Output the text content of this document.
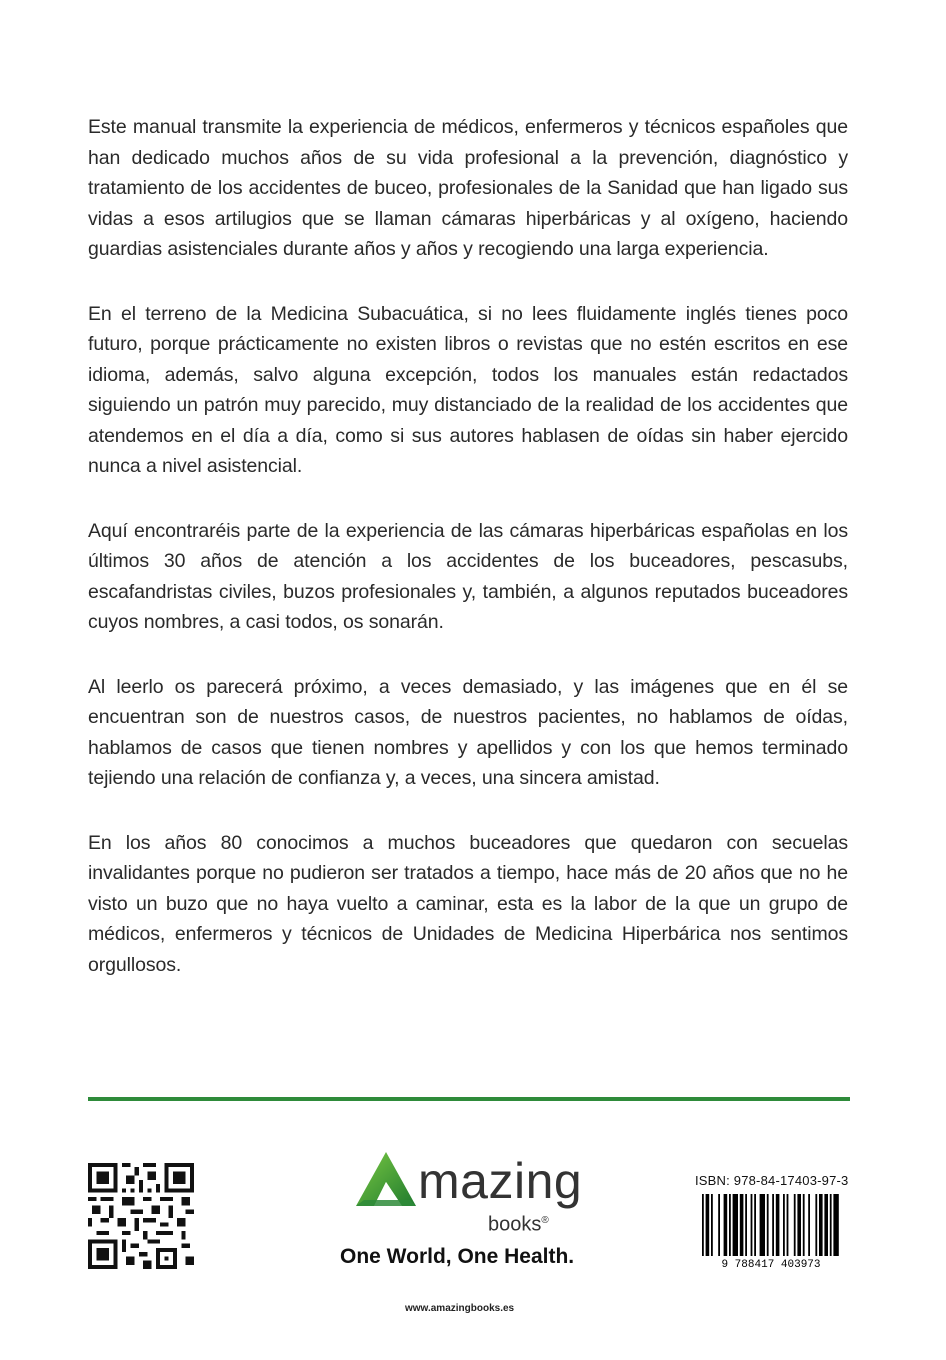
Este manual transmite la experiencia de médicos, enfermeros y técnicos españoles que han dedicado muchos años de su vida profesional a la prevención, diagnóstico y tratamiento de los accidentes de buceo, profesionales de la Sanidad que han ligado sus vidas a esos artilugios que se llaman cámaras hiperbáricas y al oxígeno, haciendo guardias asistenciales durante años y años y recogiendo una larga experiencia.

En el terreno de la Medicina Subacuática, si no lees fluidamente inglés tienes poco futuro, porque prácticamente no existen libros o revistas que no estén escritos en ese idioma, además, salvo alguna excepción, todos los manuales están redactados siguiendo un patrón muy parecido, muy distanciado de la realidad de los accidentes que atendemos en el día a día, como si sus autores hablasen de oídas sin haber ejercido nunca a nivel asistencial.

Aquí encontraréis parte de la experiencia de las cámaras hiperbáricas españolas en los últimos 30 años de atención a los accidentes de los buceadores, pescasubs, escafandristas civiles, buzos profesionales y, también, a algunos reputados buceadores cuyos nombres, a casi todos, os sonarán.

Al leerlo os parecerá próximo, a veces demasiado, y las imágenes que en él se encuentran son de nuestros casos, de nuestros pacientes, no hablamos de oídas, hablamos de casos que tienen nombres y apellidos y con los que hemos terminado tejiendo una relación de confianza y, a veces, una sincera amistad.

En los años 80 conocimos a muchos buceadores que quedaron con secuelas invalidantes porque no pudieron ser tratados a tiempo, hace más de 20 años que no he visto un buzo que no haya vuelto a caminar, esta es la labor de la que un grupo de médicos, enfermeros y técnicos de Unidades de Medicina Hiperbárica nos sentimos orgullosos.

mazing
books®
One World, One Health.
www.amazingbooks.es
ISBN: 978-84-17403-97-3
9 788417 403973
